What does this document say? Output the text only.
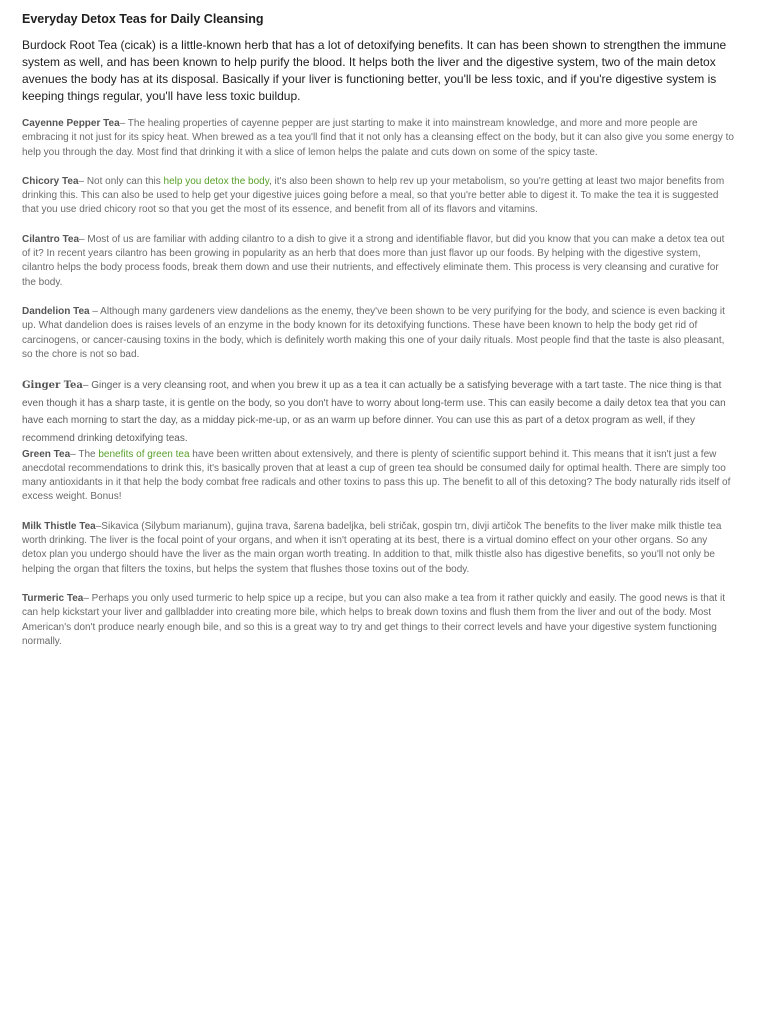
Everyday Detox Teas for Daily Cleansing

Burdock Root Tea (cicak) is a little-known herb that has a lot of detoxifying benefits. It can has been shown to strengthen the immune system as well, and has been known to help purify the blood. It helps both the liver and the digestive system, two of the main detox avenues the body has at its disposal. Basically if your liver is functioning better, you'll be less toxic, and if you're digestive system is keeping things regular, you'll have less toxic buildup.

Cayenne Pepper Tea– The healing properties of cayenne pepper are just starting to make it into mainstream knowledge, and more and more people are embracing it not just for its spicy heat. When brewed as a tea you'll find that it not only has a cleansing effect on the body, but it can also give you some energy to help you through the day. Most find that drinking it with a slice of lemon helps the palate and cuts down on some of the spicy taste.

Chicory Tea– Not only can this help you detox the body, it's also been shown to help rev up your metabolism, so you're getting at least two major benefits from drinking this. This can also be used to help get your digestive juices going before a meal, so that you're better able to digest it. To make the tea it is suggested that you use dried chicory root so that you get the most of its essence, and benefit from all of its flavors and vitamins.

Cilantro Tea– Most of us are familiar with adding cilantro to a dish to give it a strong and identifiable flavor, but did you know that you can make a detox tea out of it? In recent years cilantro has been growing in popularity as an herb that does more than just flavor up our foods. By helping with the digestive system, cilantro helps the body process foods, break them down and use their nutrients, and effectively eliminate them. This process is very cleansing and curative for the body.

Dandelion Tea – Although many gardeners view dandelions as the enemy, they've been shown to be very purifying for the body, and science is even backing it up. What dandelion does is raises levels of an enzyme in the body known for its detoxifying functions. These have been known to help the body get rid of carcinogens, or cancer-causing toxins in the body, which is definitely worth making this one of your daily rituals. Most people find that the taste is also pleasant, so the chore is not so bad.

Ginger Tea– Ginger is a very cleansing root, and when you brew it up as a tea it can actually be a satisfying beverage with a tart taste. The nice thing is that even though it has a sharp taste, it is gentle on the body, so you don't have to worry about long-term use. This can easily become a daily detox tea that you can have each morning to start the day, as a midday pick-me-up, or as an warm up before dinner. You can use this as part of a detox program as well, if they recommend drinking detoxifying teas.

Green Tea– The benefits of green tea have been written about extensively, and there is plenty of scientific support behind it. This means that it isn't just a few anecdotal recommendations to drink this, it's basically proven that at least a cup of green tea should be consumed daily for optimal health. There are simply too many antioxidants in it that help the body combat free radicals and other toxins to pass this up. The benefit to all of this detoxing? The body naturally rids itself of excess weight. Bonus!

Milk Thistle Tea–Sikavica (Silybum marianum), gujina trava, šarena badeljka, beli stričak, gospin trn, divji artičok The benefits to the liver make milk thistle tea worth drinking. The liver is the focal point of your organs, and when it isn't operating at its best, there is a virtual domino effect on your other organs. So any detox plan you undergo should have the liver as the main organ worth treating. In addition to that, milk thistle also has digestive benefits, so you'll not only be helping the organ that filters the toxins, but helps the system that flushes those toxins out of the body.

Turmeric Tea– Perhaps you only used turmeric to help spice up a recipe, but you can also make a tea from it rather quickly and easily. The good news is that it can help kickstart your liver and gallbladder into creating more bile, which helps to break down toxins and flush them from the liver and out of the body. Most American's don't produce nearly enough bile, and so this is a great way to try and get things to their correct levels and have your digestive system functioning normally.
